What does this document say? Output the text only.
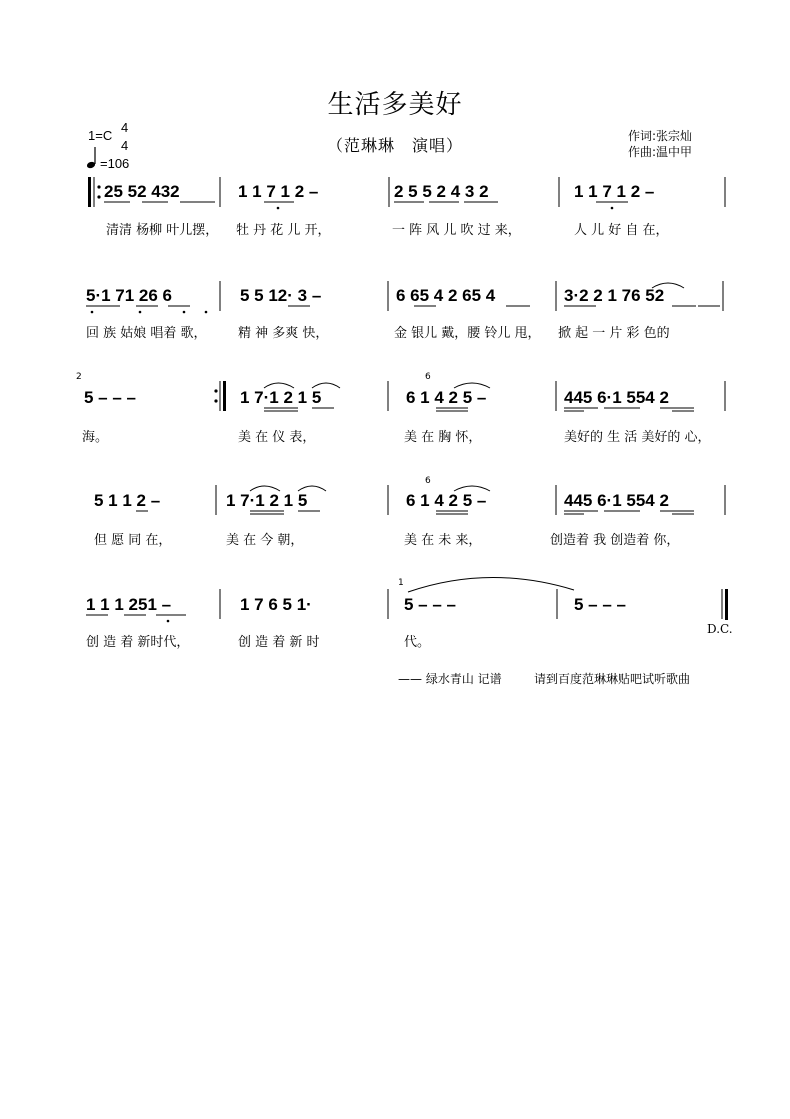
生活多美好
（范琳琳　演唱）	作词:张宗灿
作曲:温中甲
1=C
4
4
=106
25 52 432	1 1 7 1 2 –	2 5 5 2 4 3 2	1 1 7 1 2 –
清清 杨柳 叶儿摆， 牡 丹 花 儿 开，	一 阵 风 儿 吹 过 来，	人 儿 好 自 在，
5·1 71 26 6	5 5 12· 3 –	6 65 4 2 65 4	3·2 2 1 76 52
回 族 姑娘 唱着 歌， 精 神 多爽 快，	金 银儿 戴，腰 铃儿 甩， 掀 起 一 片 彩 色的
2	6
5 – – –	1 7·1 2 1 5	6 1 4 2 5 –	445 6·1 554 2
海。	美 在 仪 表，	美 在 胸 怀，	美好的 生 活 美好的 心，
6
5 1 1 2 –	1 7·1 2 1 5	6 1 4 2 5 –	445 6·1 554 2
但 愿 同 在，	美 在 今 朝，	美 在 未 来，	创造着 我 创造着 你，
1
1 1 1 251 –	1 7 6 5 1·	5 – – –	5 – – –
创 造 着 新时代，	创 造 着 新 时	代。
D.C.
—— 绿水青山 记谱	请到百度范琳琳贴吧试听歌曲
